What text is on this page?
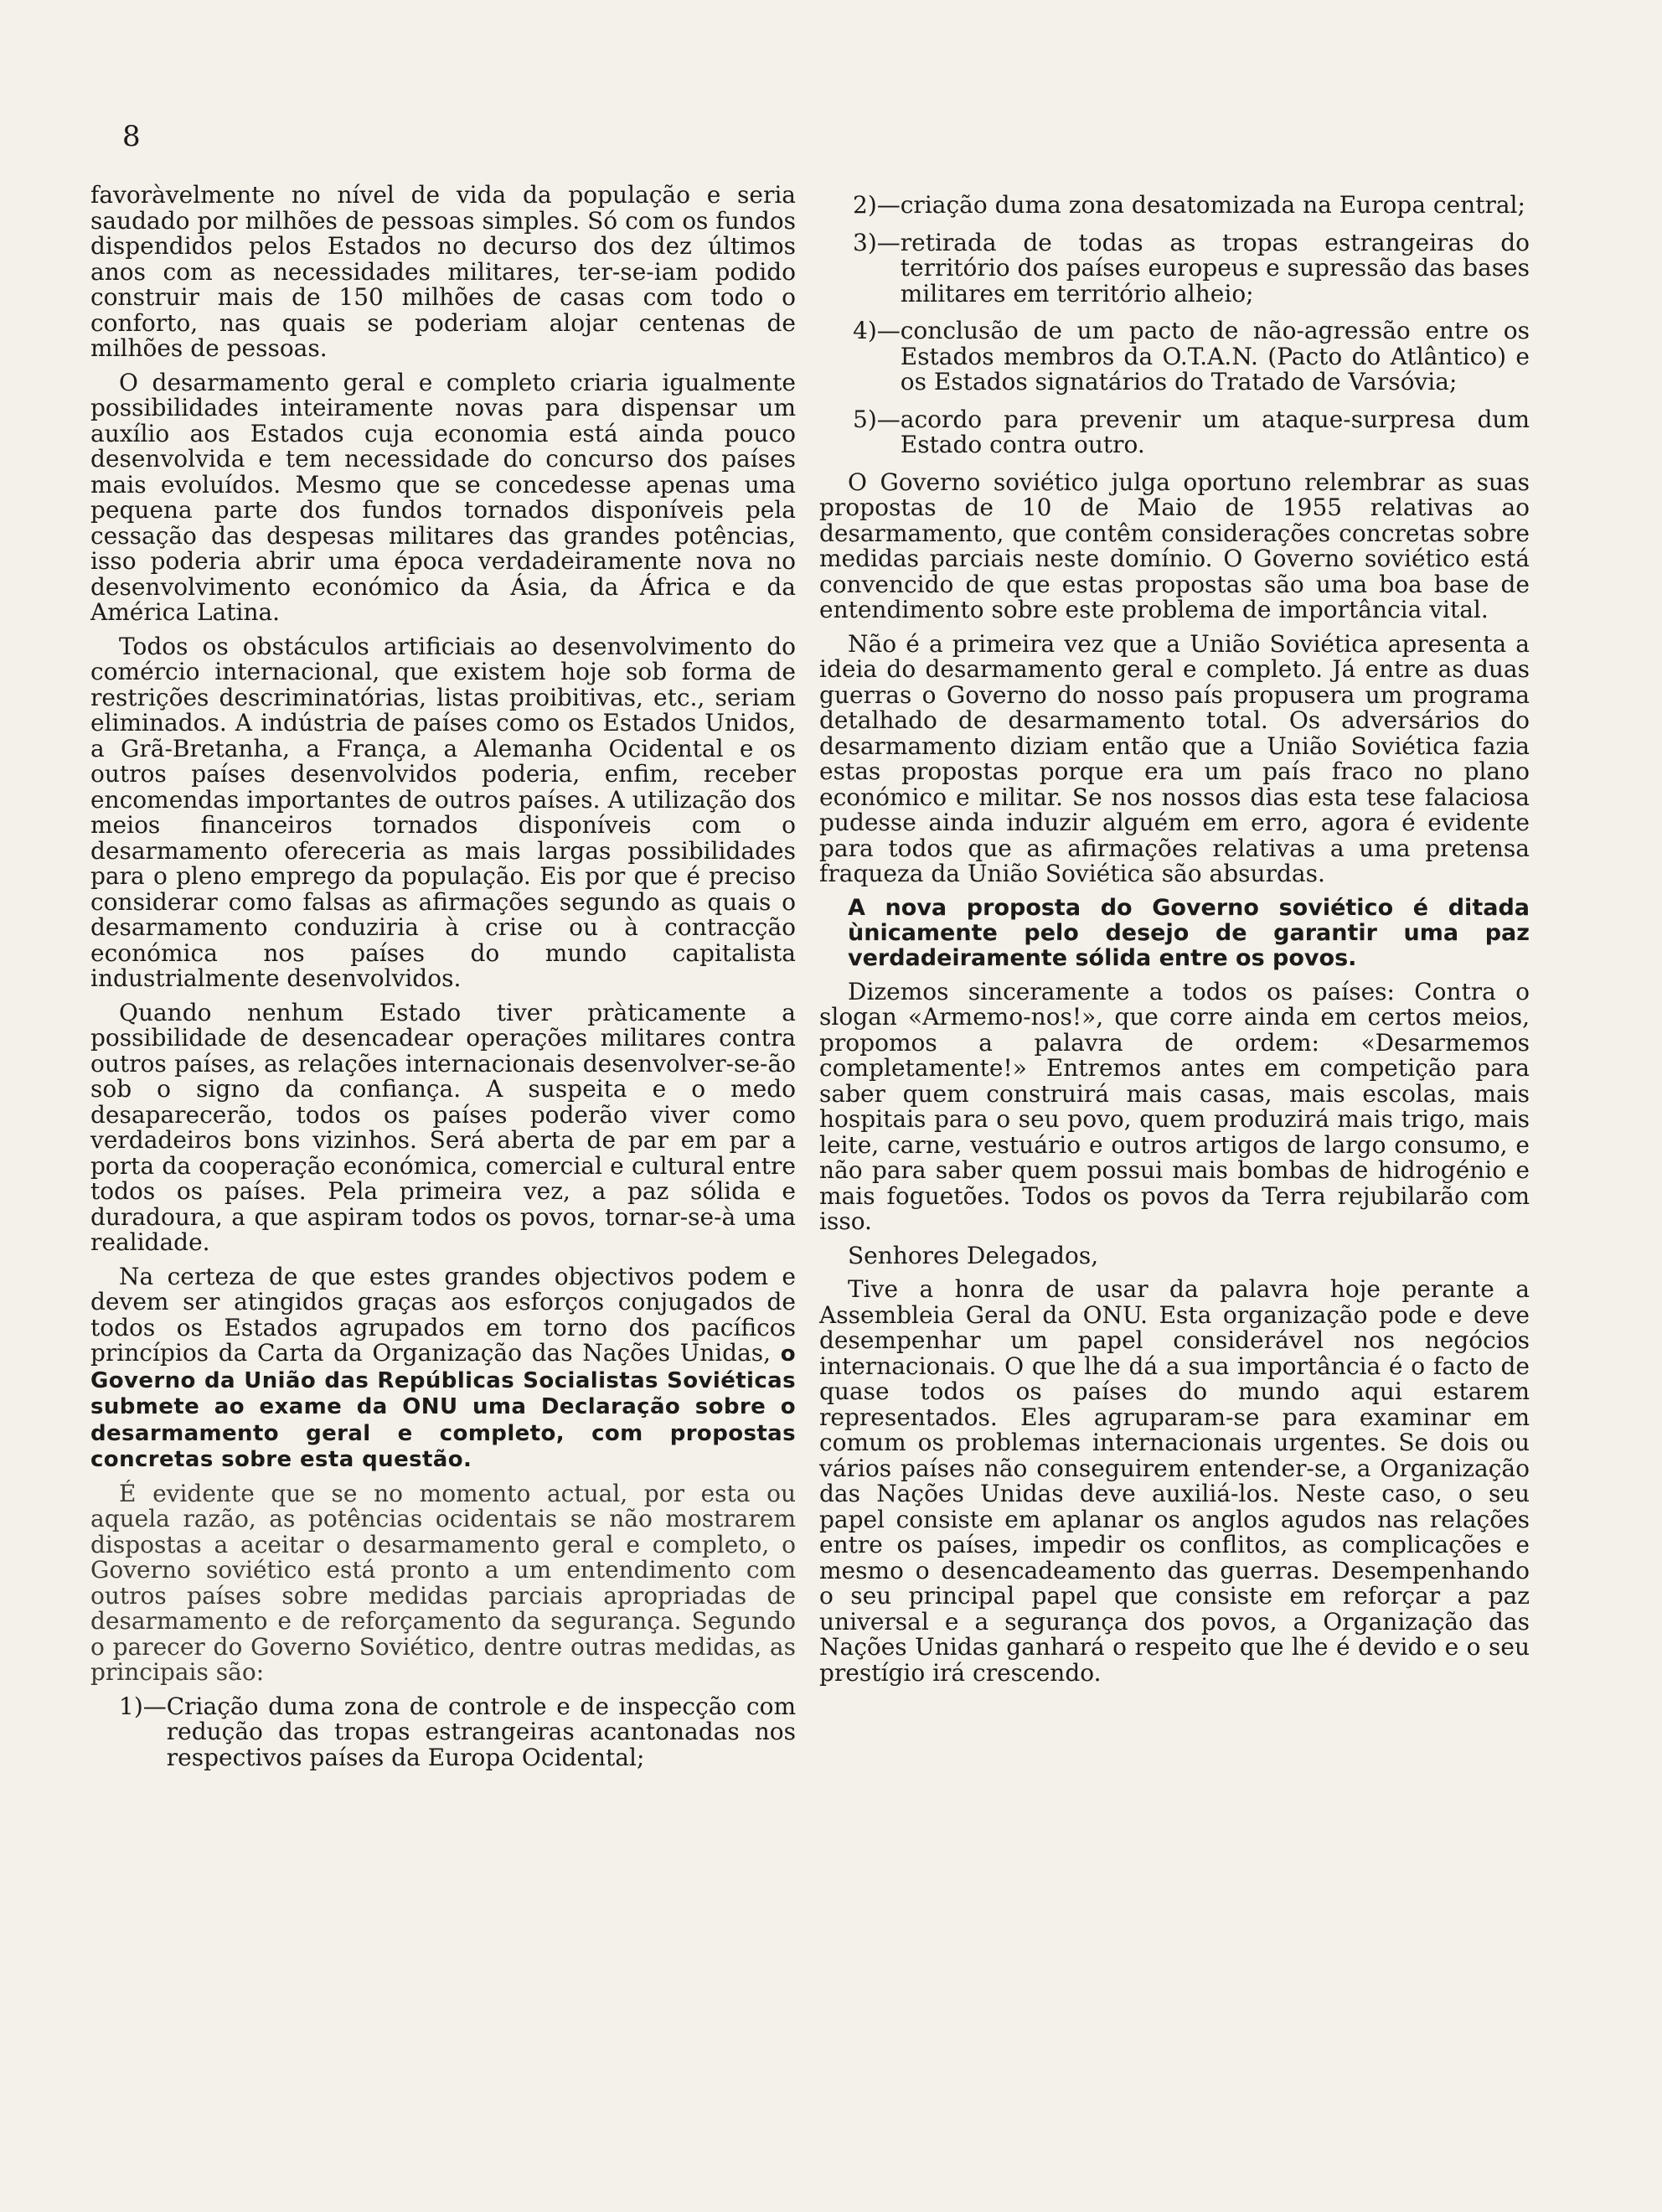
8

favoràvelmente no nível de vida da população e seria saudado por milhões de pessoas simples. Só com os fundos dispendidos pelos Estados no decurso dos dez últimos anos com as necessidades militares, ter-se-iam podido construir mais de 150 milhões de casas com todo o conforto, nas quais se poderiam alojar centenas de milhões de pessoas.

O desarmamento geral e completo criaria igualmente possibilidades inteiramente novas para dispensar um auxílio aos Estados cuja economia está ainda pouco desenvolvida e tem necessidade do concurso dos países mais evoluídos. Mesmo que se concedesse apenas uma pequena parte dos fundos tornados disponíveis pela cessação das despesas militares das grandes potências, isso poderia abrir uma época verdadeiramente nova no desenvolvimento económico da Ásia, da África e da América Latina.

Todos os obstáculos artificiais ao desenvolvimento do comércio internacional, que existem hoje sob forma de restrições descriminatórias, listas proibitivas, etc., seriam eliminados. A indústria de países como os Estados Unidos, a Grã-Bretanha, a França, a Alemanha Ocidental e os outros países desenvolvidos poderia, enfim, receber encomendas importantes de outros países. A utilização dos meios financeiros tornados disponíveis com o desarmamento ofereceria as mais largas possibilidades para o pleno emprego da população. Eis por que é preciso considerar como falsas as afirmações segundo as quais o desarmamento conduziria à crise ou à contracção económica nos países do mundo capitalista industrialmente desenvolvidos.

Quando nenhum Estado tiver pràticamente a possibilidade de desencadear operações militares contra outros países, as relações internacionais desenvolver-se-ão sob o signo da confiança. A suspeita e o medo desaparecerão, todos os países poderão viver como verdadeiros bons vizinhos. Será aberta de par em par a porta da cooperação económica, comercial e cultural entre todos os países. Pela primeira vez, a paz sólida e duradoura, a que aspiram todos os povos, tornar-se-à uma realidade.

Na certeza de que estes grandes objectivos podem e devem ser atingidos graças aos esforços conjugados de todos os Estados agrupados em torno dos pacíficos princípios da Carta da Organização das Nações Unidas, o Governo da União das Repúblicas Socialistas Soviéticas submete ao exame da ONU uma Declaração sobre o desarmamento geral e completo, com propostas concretas sobre esta questão.

É evidente que se no momento actual, por esta ou aquela razão, as potências ocidentais se não mostrarem dispostas a aceitar o desarmamento geral e completo, o Governo soviético está pronto a um entendimento com outros países sobre medidas parciais apropriadas de desarmamento e de reforçamento da segurança. Segundo o parecer do Governo Soviético, dentre outras medidas, as principais são:

1)— Criação duma zona de controle e de inspecção com redução das tropas estrangeiras acantonadas nos respectivos países da Europa Ocidental;
2)— criação duma zona desatomizada na Europa central;
3)— retirada de todas as tropas estrangeiras do território dos países europeus e supressão das bases militares em território alheio;
4)— conclusão de um pacto de não-agressão entre os Estados membros da O.T.A.N. (Pacto do Atlântico) e os Estados signatários do Tratado de Varsóvia;
5)— acordo para prevenir um ataque-surpresa dum Estado contra outro.

O Governo soviético julga oportuno relembrar as suas propostas de 10 de Maio de 1955 relativas ao desarmamento, que contêm considerações concretas sobre medidas parciais neste domínio. O Governo soviético está convencido de que estas propostas são uma boa base de entendimento sobre este problema de importância vital.

Não é a primeira vez que a União Soviética apresenta a ideia do desarmamento geral e completo. Já entre as duas guerras o Governo do nosso país propusera um programa detalhado de desarmamento total. Os adversários do desarmamento diziam então que a União Soviética fazia estas propostas porque era um país fraco no plano económico e militar. Se nos nossos dias esta tese falaciosa pudesse ainda induzir alguém em erro, agora é evidente para todos que as afirmações relativas a uma pretensa fraqueza da União Soviética são absurdas.

A nova proposta do Governo soviético é ditada ùnicamente pelo desejo de garantir uma paz verdadeiramente sólida entre os povos.

Dizemos sinceramente a todos os países: Contra o slogan «Armemo-nos!», que corre ainda em certos meios, propomos a palavra de ordem: «Desarmemos completamente!» Entremos antes em competição para saber quem construirá mais casas, mais escolas, mais hospitais para o seu povo, quem produzirá mais trigo, mais leite, carne, vestuário e outros artigos de largo consumo, e não para saber quem possui mais bombas de hidrogénio e mais foguetões. Todos os povos da Terra rejubilarão com isso.

Senhores Delegados,

Tive a honra de usar da palavra hoje perante a Assembleia Geral da ONU. Esta organização pode e deve desempenhar um papel considerável nos negócios internacionais. O que lhe dá a sua importância é o facto de quase todos os países do mundo aqui estarem representados. Eles agruparam-se para examinar em comum os problemas internacionais urgentes. Se dois ou vários países não conseguirem entender-se, a Organização das Nações Unidas deve auxiliá-los. Neste caso, o seu papel consiste em aplanar os anglos agudos nas relações entre os países, impedir os conflitos, as complicações e mesmo o desencadeamento das guerras. Desempenhando o seu principal papel que consiste em reforçar a paz universal e a segurança dos povos, a Organização das Nações Unidas ganhará o respeito que lhe é devido e o seu prestígio irá crescendo.
